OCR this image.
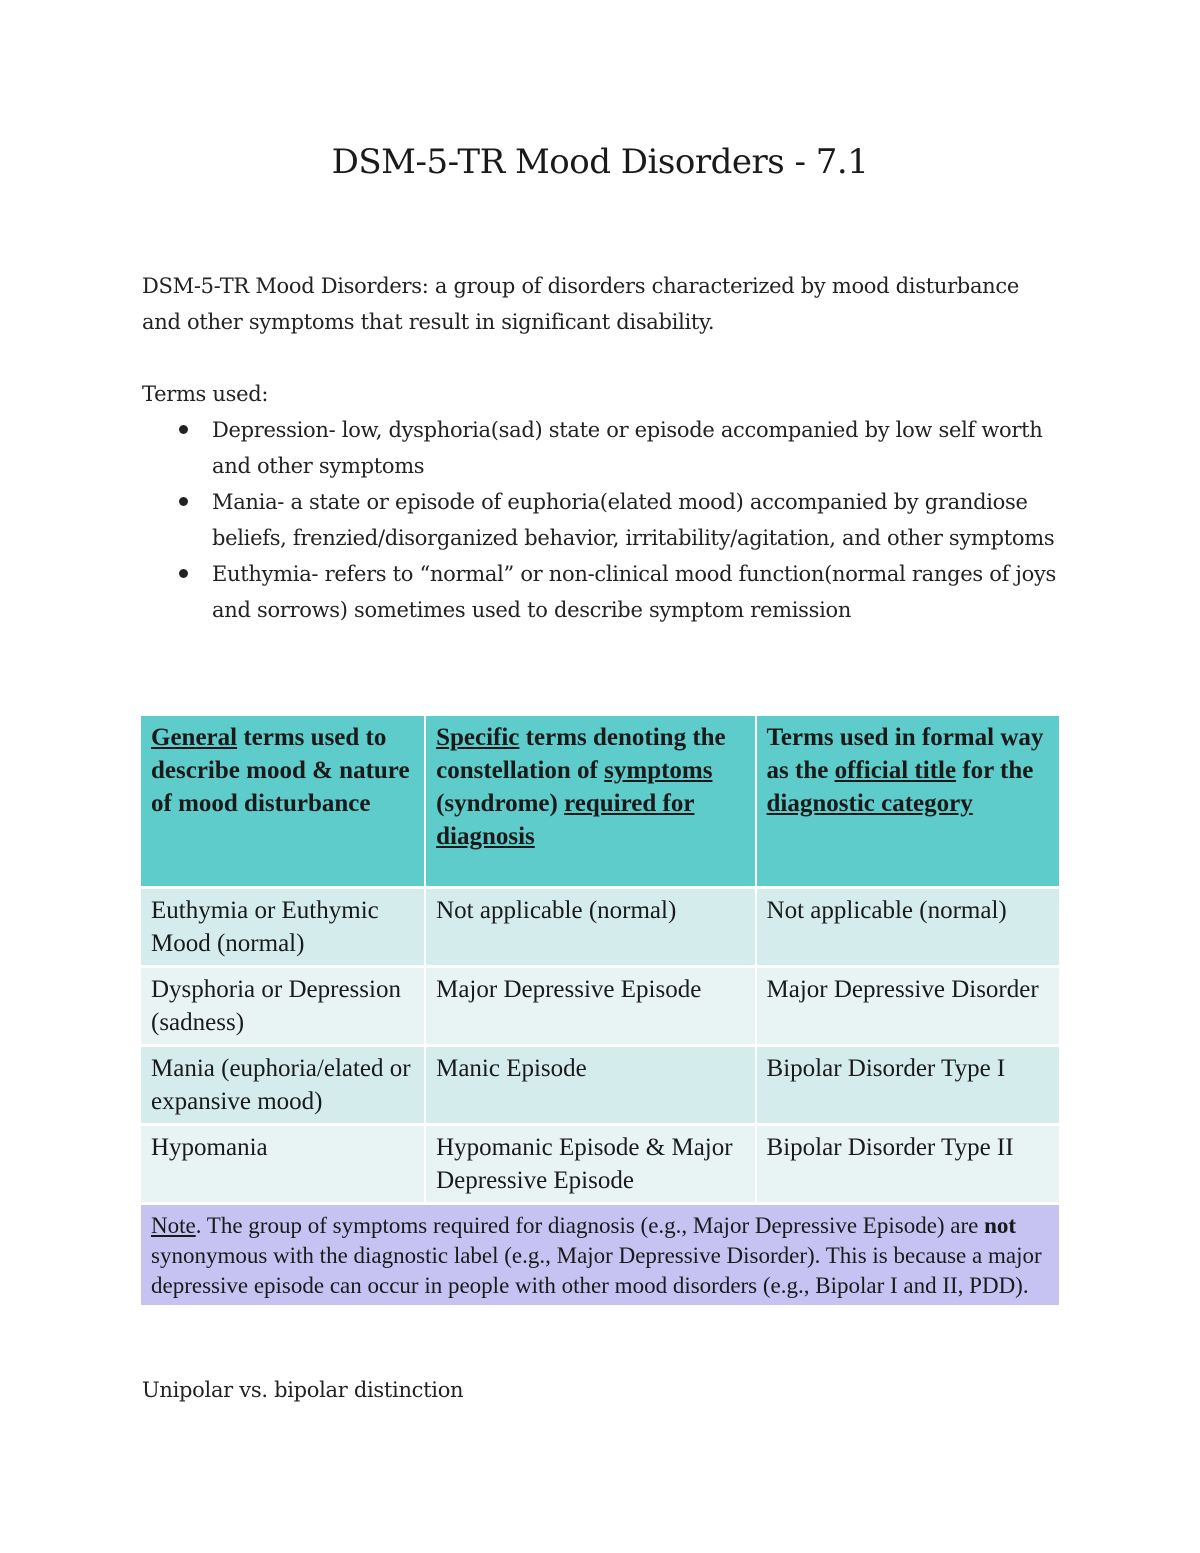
DSM-5-TR Mood Disorders - 7.1
DSM-5-TR Mood Disorders: a group of disorders characterized by mood disturbance and other symptoms that result in significant disability.
Terms used:
Depression- low, dysphoria(sad) state or episode accompanied by low self worth and other symptoms
Mania- a state or episode of euphoria(elated mood) accompanied by grandiose beliefs, frenzied/disorganized behavior, irritability/agitation, and other symptoms
Euthymia- refers to “normal” or non-clinical mood function(normal ranges of joys and sorrows) sometimes used to describe symptom remission
General terms used to describe mood & nature of mood disturbance	Specific terms denoting the constellation of symptoms (syndrome) required for diagnosis	Terms used in formal way as the official title for the diagnostic category
Euthymia or Euthymic Mood (normal)	Not applicable (normal)	Not applicable (normal)
Dysphoria or Depression (sadness)	Major Depressive Episode	Major Depressive Disorder
Mania (euphoria/elated or expansive mood)	Manic Episode	Bipolar Disorder Type I
Hypomania	Hypomanic Episode & Major Depressive Episode	Bipolar Disorder Type II
Note. The group of symptoms required for diagnosis (e.g., Major Depressive Episode) are not synonymous with the diagnostic label (e.g., Major Depressive Disorder). This is because a major depressive episode can occur in people with other mood disorders (e.g., Bipolar I and II, PDD).		
Unipolar vs. bipolar distinction
